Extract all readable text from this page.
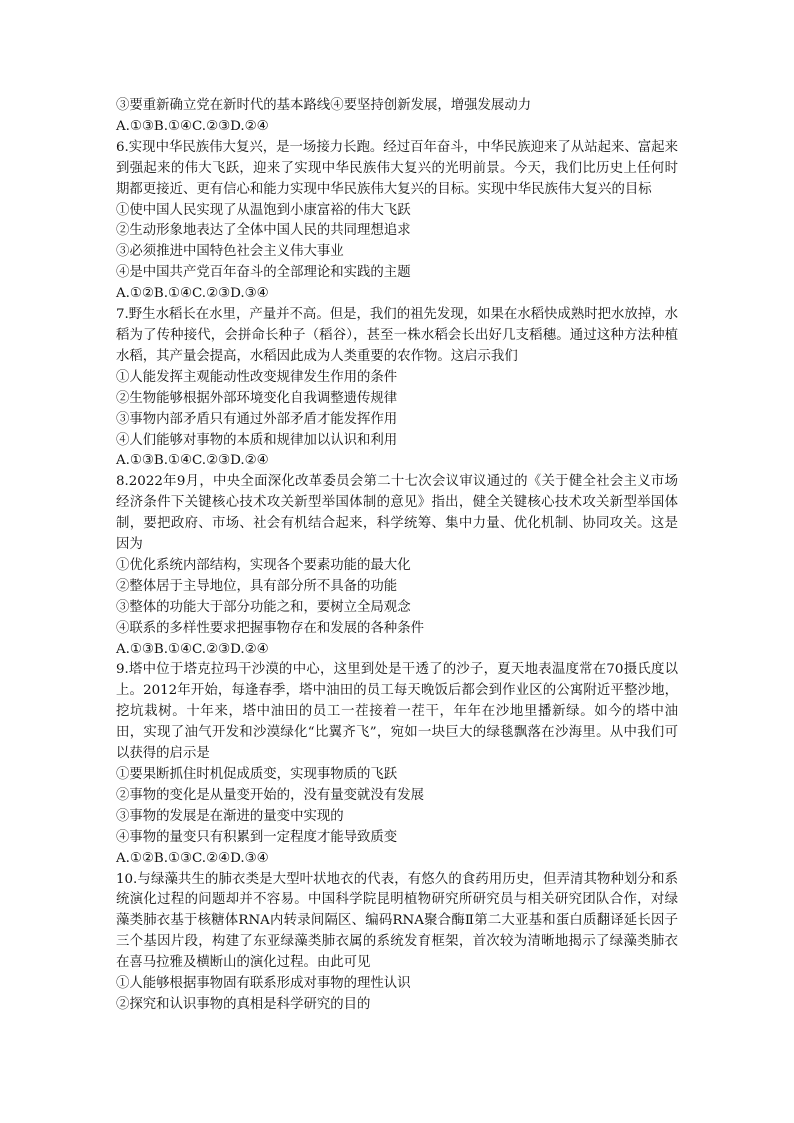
③要重新确立党在新时代的基本路线④要坚持创新发展，增强发展动力
A.①③B.①④C.②③D.②④
6.实现中华民族伟大复兴，是一场接力长跑。经过百年奋斗，中华民族迎来了从站起来、富起来到强起来的伟大飞跃，迎来了实现中华民族伟大复兴的光明前景。今天，我们比历史上任何时期都更接近、更有信心和能力实现中华民族伟大复兴的目标。实现中华民族伟大复兴的目标
①使中国人民实现了从温饱到小康富裕的伟大飞跃
②生动形象地表达了全体中国人民的共同理想追求
③必须推进中国特色社会主义伟大事业
④是中国共产党百年奋斗的全部理论和实践的主题
A.①②B.①④C.②③D.③④
7.野生水稻长在水里，产量并不高。但是，我们的祖先发现，如果在水稻快成熟时把水放掉，水稻为了传种接代，会拼命长种子（稻谷），甚至一株水稻会长出好几支稻穗。通过这种方法种植水稻，其产量会提高，水稻因此成为人类重要的农作物。这启示我们
①人能发挥主观能动性改变规律发生作用的条件
②生物能够根据外部环境变化自我调整遗传规律
③事物内部矛盾只有通过外部矛盾才能发挥作用
④人们能够对事物的本质和规律加以认识和利用
A.①③B.①④C.②③D.②④
8.2022年9月，中央全面深化改革委员会第二十七次会议审议通过的《关于健全社会主义市场经济条件下关键核心技术攻关新型举国体制的意见》指出，健全关键核心技术攻关新型举国体制，要把政府、市场、社会有机结合起来，科学统筹、集中力量、优化机制、协同攻关。这是因为
①优化系统内部结构，实现各个要素功能的最大化
②整体居于主导地位，具有部分所不具备的功能
③整体的功能大于部分功能之和，要树立全局观念
④联系的多样性要求把握事物存在和发展的各种条件
A.①③B.①④C.②③D.②④
9.塔中位于塔克拉玛干沙漠的中心，这里到处是干透了的沙子，夏天地表温度常在70摄氏度以上。2012年开始，每逢春季，塔中油田的员工每天晚饭后都会到作业区的公寓附近平整沙地，挖坑栽树。十年来，塔中油田的员工一茬接着一茬干，年年在沙地里播新绿。如今的塔中油田，实现了油气开发和沙漠绿化“比翼齐飞”，宛如一块巨大的绿毯飘落在沙海里。从中我们可以获得的启示是
①要果断抓住时机促成质变，实现事物质的飞跃
②事物的变化是从量变开始的，没有量变就没有发展
③事物的发展是在渐进的量变中实现的
④事物的量变只有积累到一定程度才能导致质变
A.①②B.①③C.②④D.③④
10.与绿藻共生的肺衣类是大型叶状地衣的代表，有悠久的食药用历史，但弄清其物种划分和系统演化过程的问题却并不容易。中国科学院昆明植物研究所研究员与相关研究团队合作，对绿藻类肺衣基于核糖体RNA内转录间隔区、编码RNA聚合酶Ⅱ第二大亚基和蛋白质翻译延长因子三个基因片段，构建了东亚绿藻类肺衣属的系统发育框架，首次较为清晰地揭示了绿藻类肺衣在喜马拉雅及横断山的演化过程。由此可见
①人能够根据事物固有联系形成对事物的理性认识
②探究和认识事物的真相是科学研究的目的
